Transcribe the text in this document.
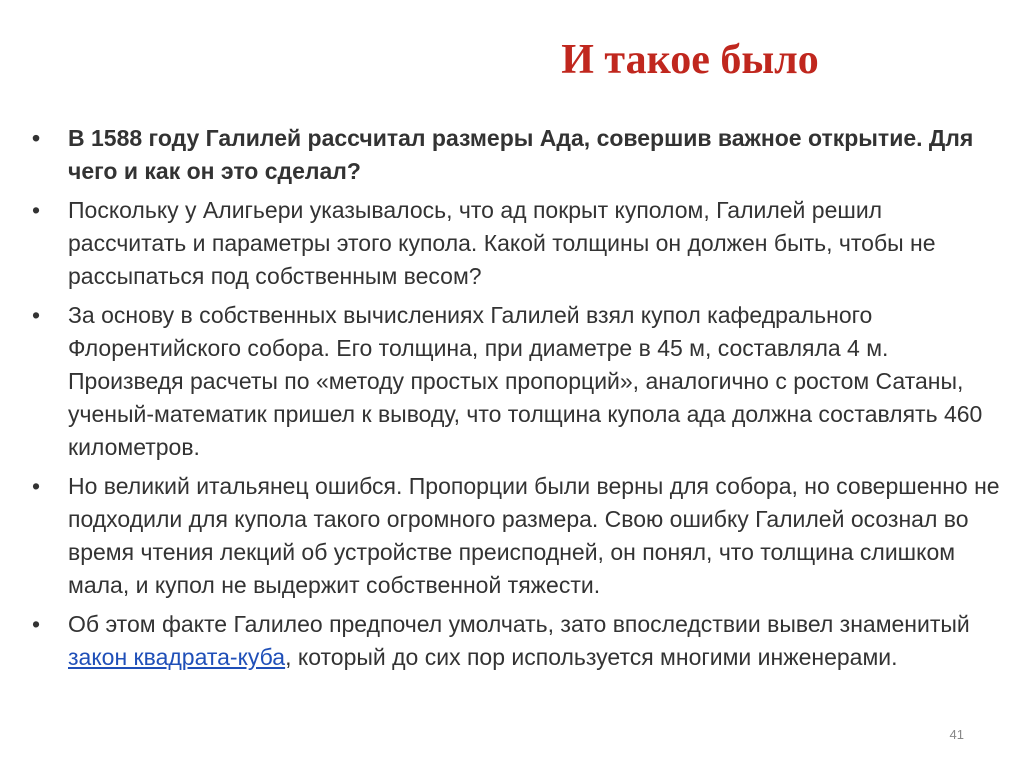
И такое было
•	В 1588 году Галилей рассчитал размеры Ада, совершив важное открытие. Для чего и как он это сделал?
•	Поскольку у Алигьери указывалось, что ад покрыт куполом, Галилей решил рассчитать и параметры этого купола. Какой толщины он должен быть, чтобы не рассыпаться под собственным весом?
•	За основу в собственных вычислениях Галилей взял купол кафедрального Флорентийского собора. Его толщина, при диаметре в 45 м, составляла 4 м. Произведя расчеты по «методу простых пропорций», аналогично с ростом Сатаны, ученый-математик пришел к выводу, что толщина купола ада должна составлять 460 километров.
•	Но великий итальянец ошибся. Пропорции были верны для собора, но совершенно не подходили для купола такого огромного размера. Свою ошибку Галилей осознал во время чтения лекций об устройстве преисподней, он понял, что толщина слишком мала, и купол не выдержит собственной тяжести.
•	Об этом факте Галилео предпочел умолчать, зато впоследствии вывел знаменитый закон квадрата-куба, который до сих пор используется многими инженерами.
41
